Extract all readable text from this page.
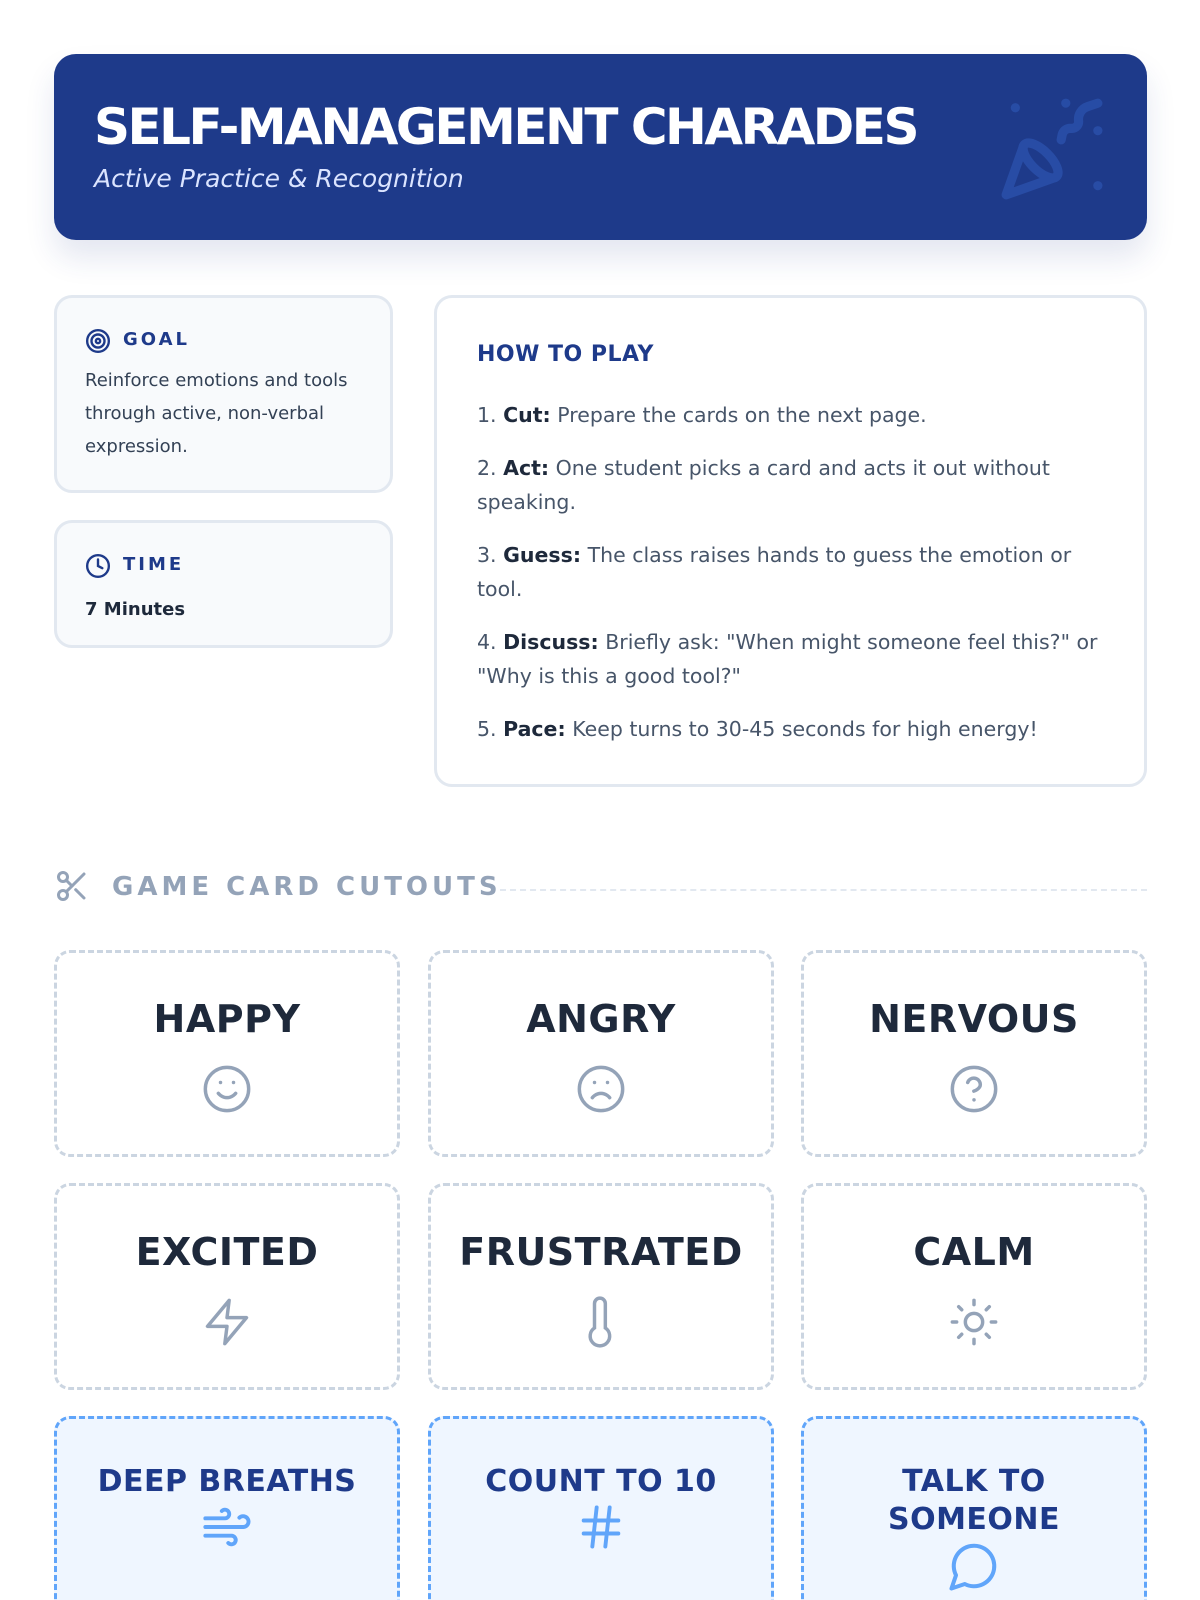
SELF-MANAGEMENT CHARADES
Active Practice & Recognition
GOAL
Reinforce emotions and tools through active, non-verbal expression.
TIME
7 Minutes
HOW TO PLAY
1. Cut: Prepare the cards on the next page.
2. Act: One student picks a card and acts it out without speaking.
3. Guess: The class raises hands to guess the emotion or tool.
4. Discuss: Briefly ask: "When might someone feel this?" or "Why is this a good tool?"
5. Pace: Keep turns to 30-45 seconds for high energy!
GAME CARD CUTOUTS
HAPPY	ANGRY	NERVOUS
EXCITED	FRUSTRATED	CALM
DEEP BREATHS	COUNT TO 10	TALK TO SOMEONE
